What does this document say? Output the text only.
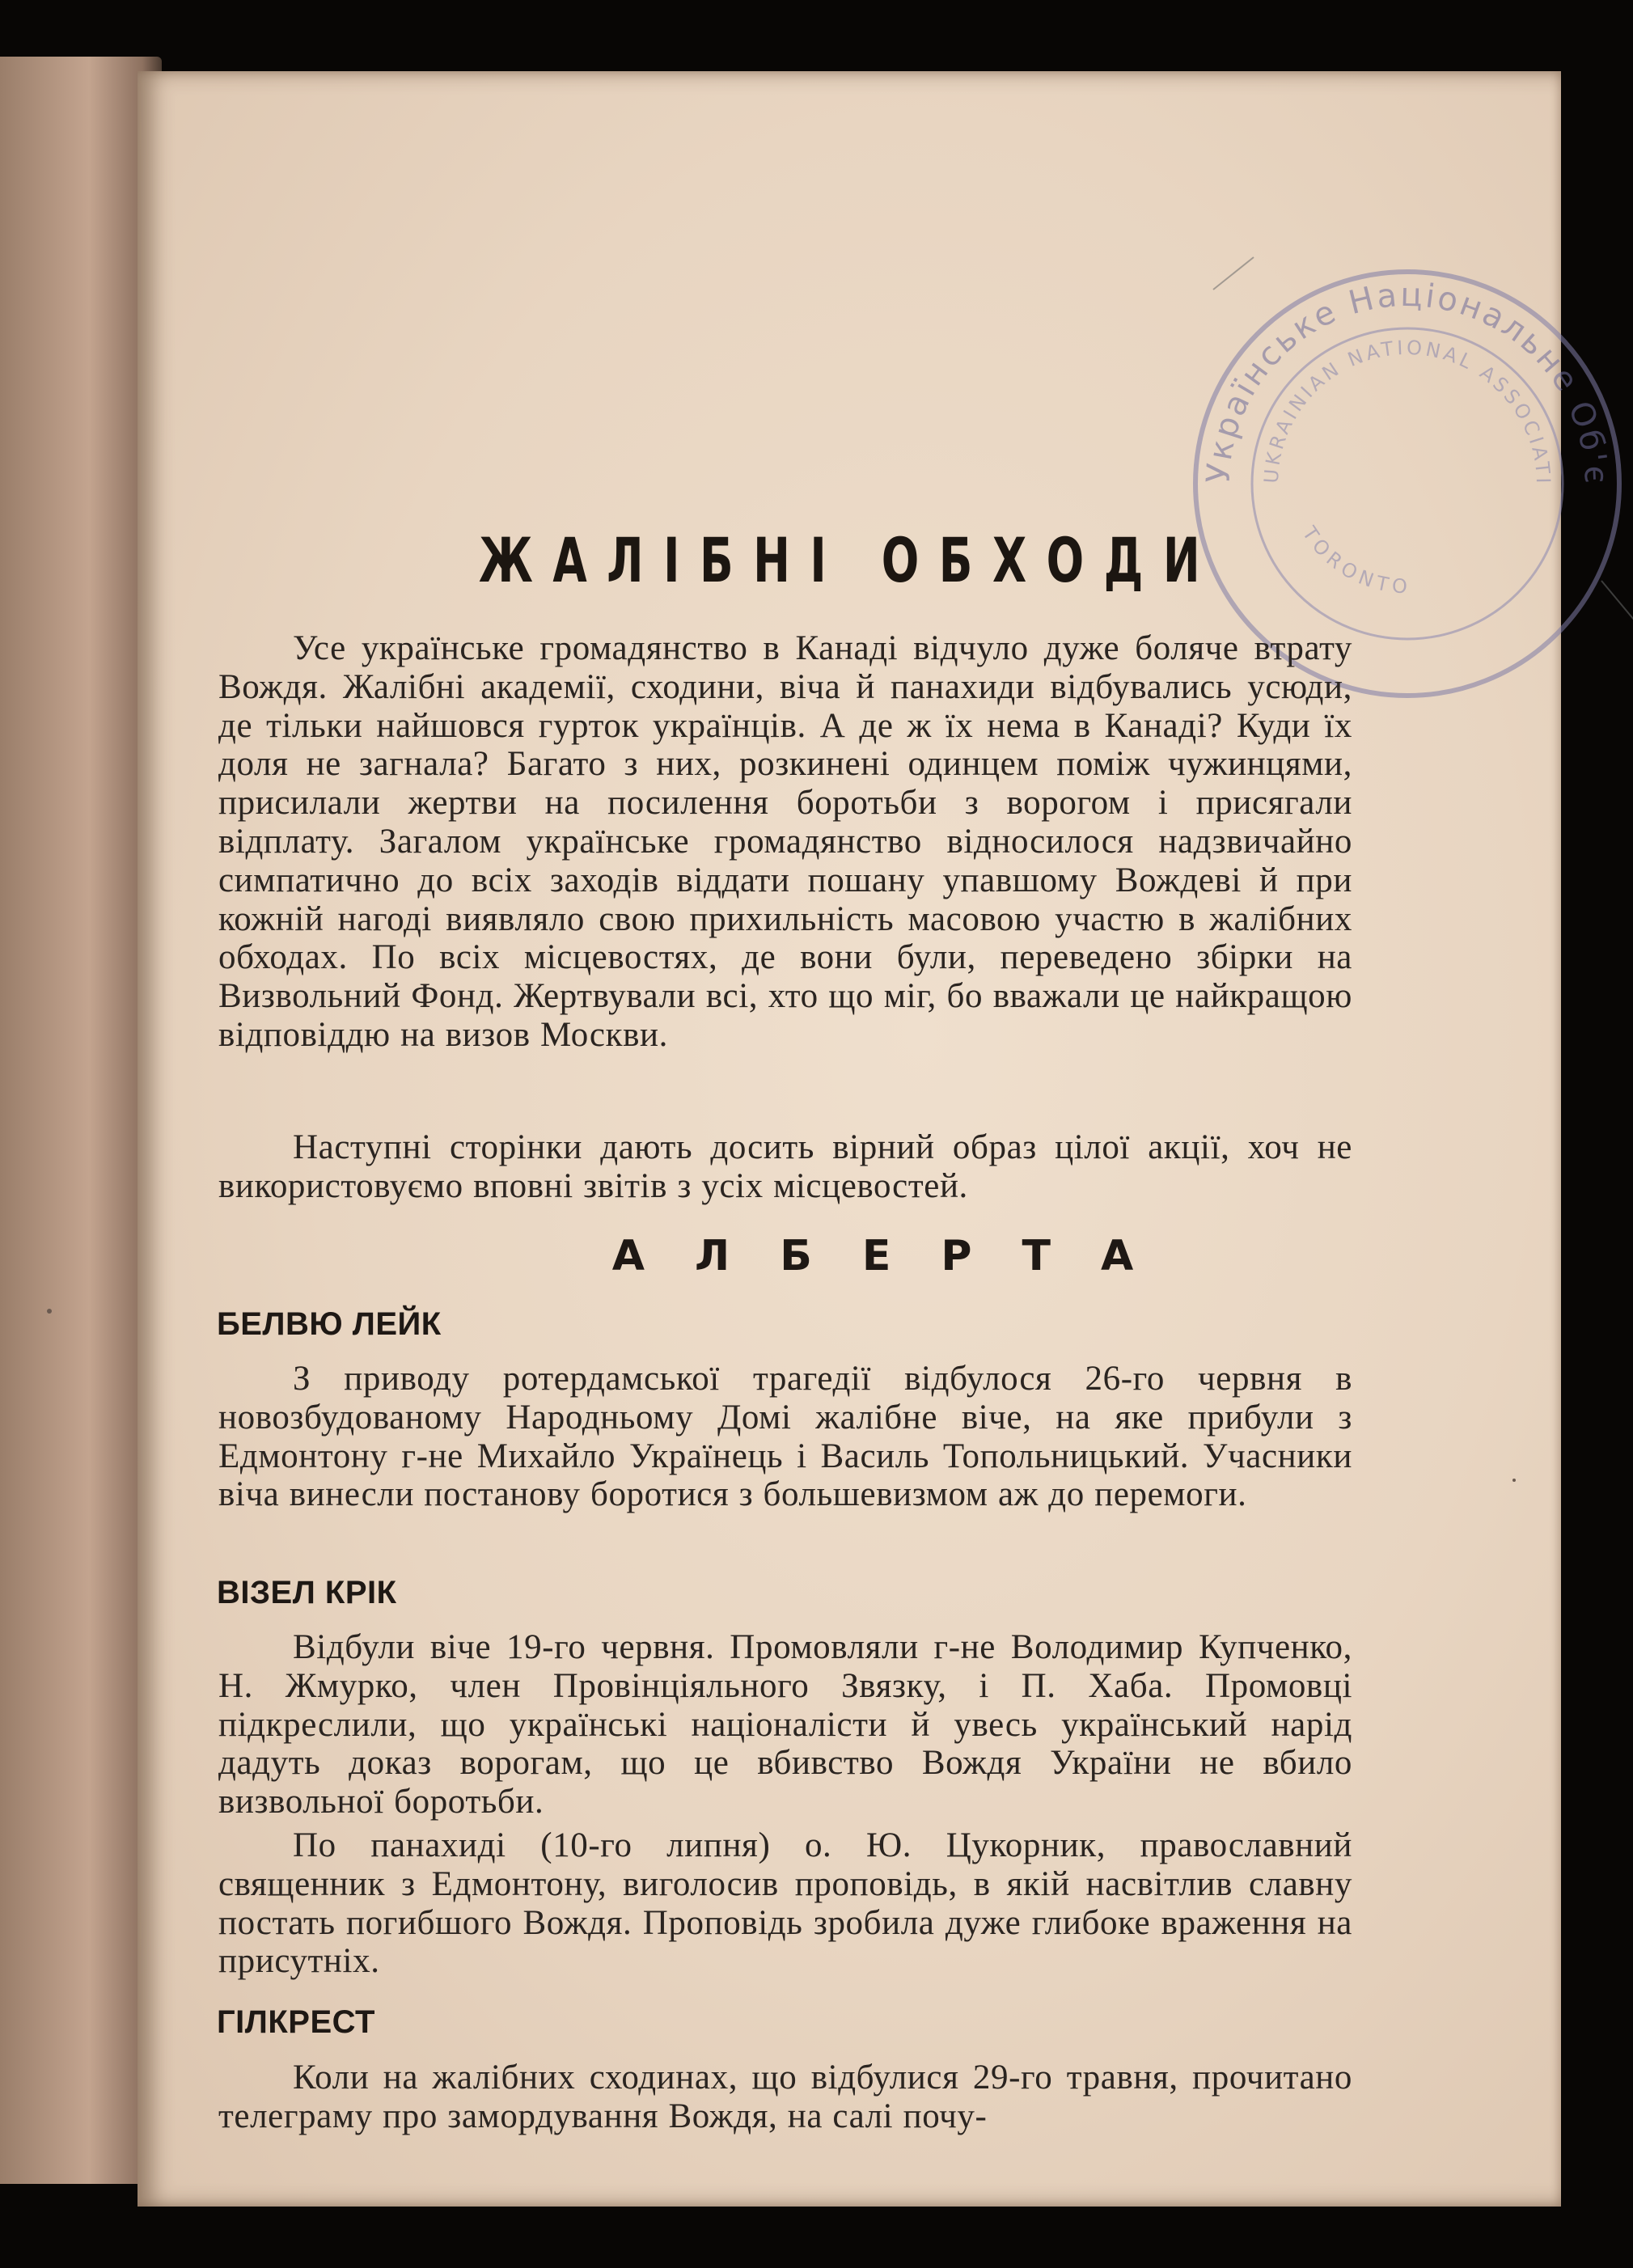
Українське Національне Об'є
UKRAINIAN NATIONAL ASSOCIATI
TORONTO
ЖАЛІБНІ ОБХОДИ

Усе українське громадянство в Канаді відчуло дуже боляче втрату Вождя. Жалібні академії, сходини, віча й панахиди відбувались усюди, де тільки найшовся гурток українців. А де ж їх нема в Канаді? Куди їх доля не загнала? Багато з них, розкинені одинцем поміж чужинцями, присилали жертви на посилення боротьби з ворогом і присягали відплату. Загалом українське громадянство відносилося надзвичайно симпатично до всіх заходів віддати пошану упавшому Вождеві й при кожній нагоді виявляло свою прихильність масовою участю в жалібних обходах. По всіх місцевостях, де вони були, переведено збірки на Визвольний Фонд. Жертвували всі, хто що міг, бо вважали це найкращою відповіддю на визов Москви.

Наступні сторінки дають досить вірний образ цілої акції, хоч не використовуємо вповні звітів з усіх місцевостей.

АЛБЕРТА
БЕЛВЮ ЛЕЙК

З приводу ротердамської трагедії відбулося 26-го червня в новозбудованому Народньому Домі жалібне віче, на яке прибули з Едмонтону г-не Михайло Українець і Василь Топольницький. Учасники віча винесли постанову боротися з большевизмом аж до перемоги.

ВІЗЕЛ КРІК

Відбули віче 19-го червня. Промовляли г-не Володимир Купченко, Н. Жмурко, член Провінціяльного Звязку, і П. Хаба. Промовці підкреслили, що українські націоналісти й увесь український нарід дадуть доказ ворогам, що це вбивство Вождя України не вбило визвольної боротьби.

По панахиді (10-го липня) о. Ю. Цукорник, православний священник з Едмонтону, виголосив проповідь, в якій насвітлив славну постать погибшого Вождя. Проповідь зробила дуже глибоке враження на присутніх.

ГІЛКРЕСТ

Коли на жалібних сходинах, що відбулися 29-го травня, прочитано телеграму про замордування Вождя, на салі почу-
